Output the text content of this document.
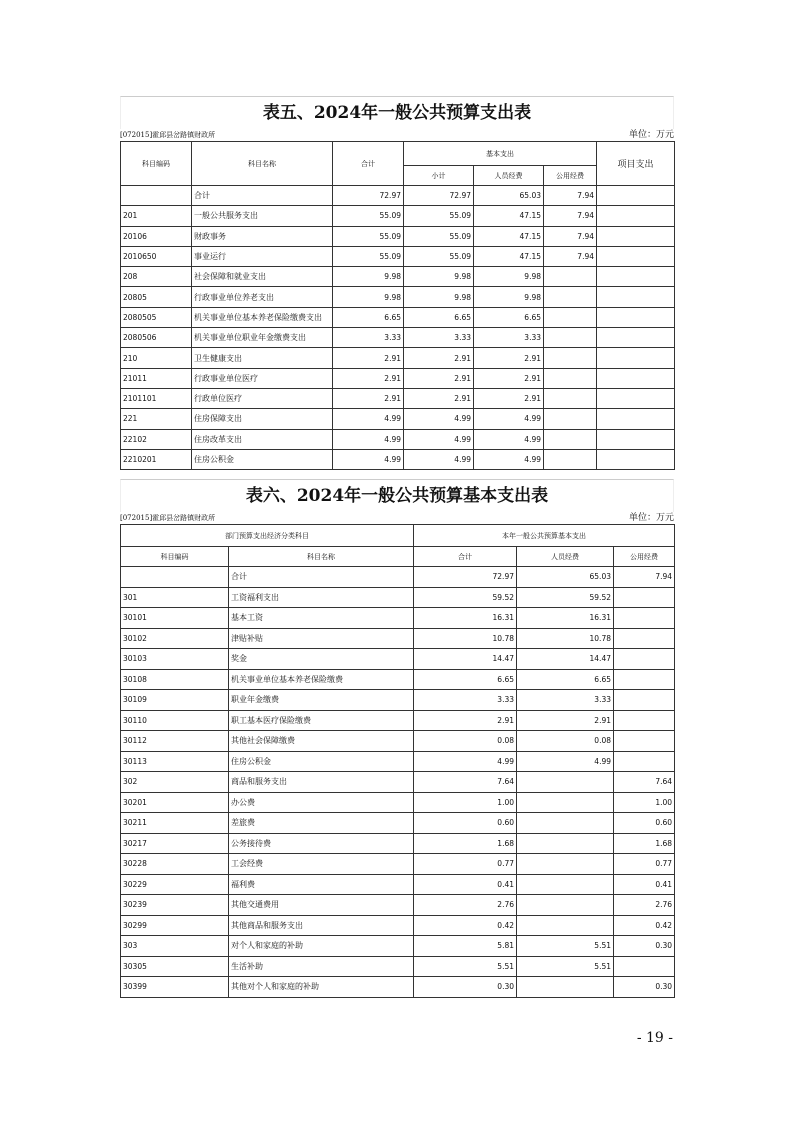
表五、2024年一般公共预算支出表
[072015]霍邱县岔路镇财政所	单位：万元
科目编码	科目名称	合计	基本支出			项目支出
			小计	人员经费	公用经费	
	合计	72.97	72.97	65.03	7.94	
201	一般公共服务支出	55.09	55.09	47.15	7.94	
20106	财政事务	55.09	55.09	47.15	7.94	
2010650	事业运行	55.09	55.09	47.15	7.94	
208	社会保障和就业支出	9.98	9.98	9.98		
20805	行政事业单位养老支出	9.98	9.98	9.98		
2080505	机关事业单位基本养老保险缴费支出	6.65	6.65	6.65		
2080506	机关事业单位职业年金缴费支出	3.33	3.33	3.33		
210	卫生健康支出	2.91	2.91	2.91		
21011	行政事业单位医疗	2.91	2.91	2.91		
2101101	行政单位医疗	2.91	2.91	2.91		
221	住房保障支出	4.99	4.99	4.99		
22102	住房改革支出	4.99	4.99	4.99		
2210201	住房公积金	4.99	4.99	4.99		
表六、2024年一般公共预算基本支出表
[072015]霍邱县岔路镇财政所	单位：万元
部门预算支出经济分类科目		本年一般公共预算基本支出		
科目编码	科目名称	合计	人员经费	公用经费
	合计	72.97	65.03	7.94
301	工资福利支出	59.52	59.52	
30101	基本工资	16.31	16.31	
30102	津贴补贴	10.78	10.78	
30103	奖金	14.47	14.47	
30108	机关事业单位基本养老保险缴费	6.65	6.65	
30109	职业年金缴费	3.33	3.33	
30110	职工基本医疗保险缴费	2.91	2.91	
30112	其他社会保障缴费	0.08	0.08	
30113	住房公积金	4.99	4.99	
302	商品和服务支出	7.64		7.64
30201	办公费	1.00		1.00
30211	差旅费	0.60		0.60
30217	公务接待费	1.68		1.68
30228	工会经费	0.77		0.77
30229	福利费	0.41		0.41
30239	其他交通费用	2.76		2.76
30299	其他商品和服务支出	0.42		0.42
303	对个人和家庭的补助	5.81	5.51	0.30
30305	生活补助	5.51	5.51	
30399	其他对个人和家庭的补助	0.30		0.30
- 19 -
